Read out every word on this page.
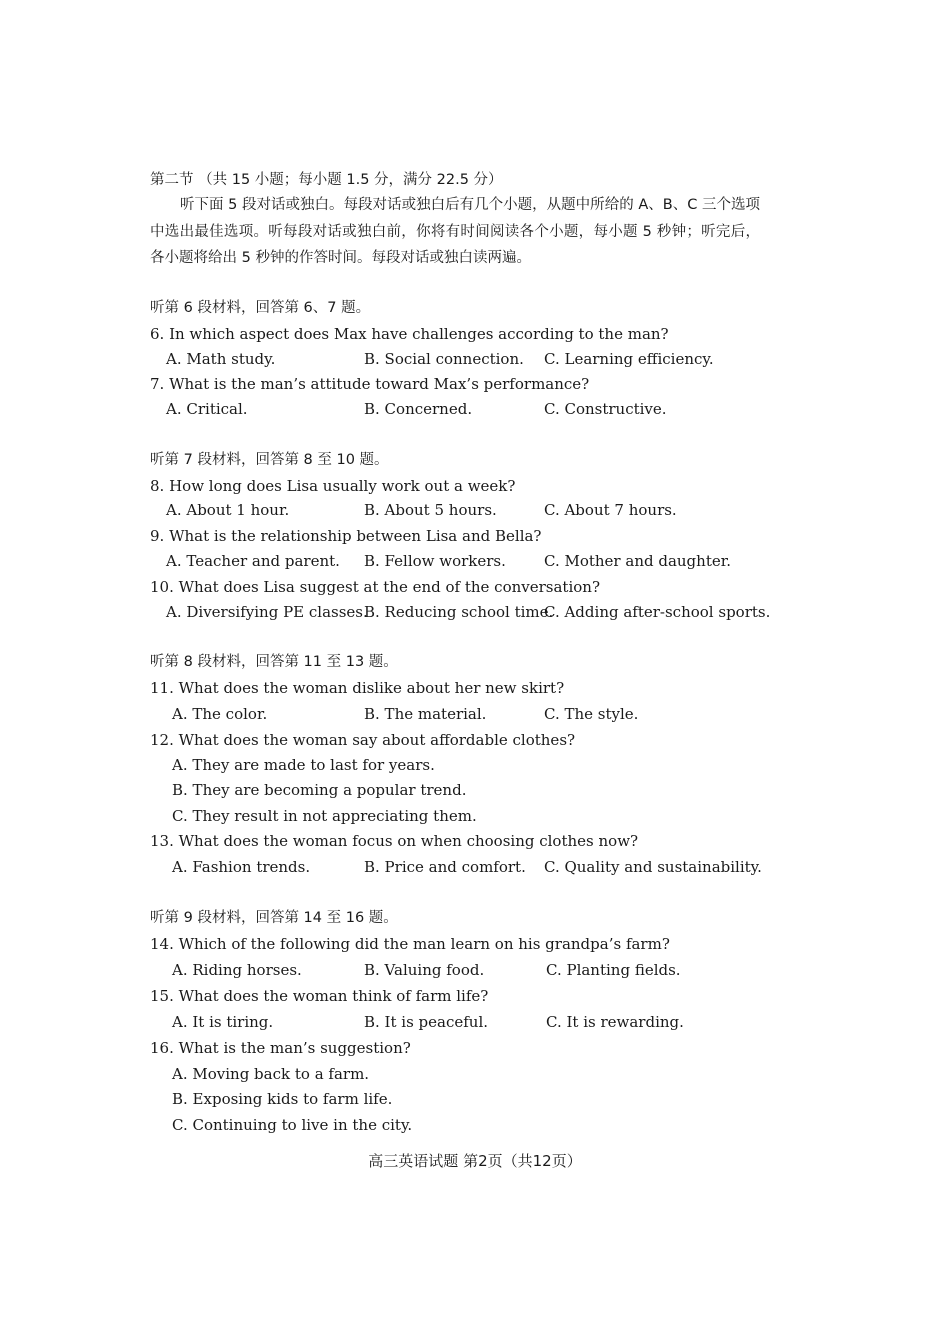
第二节 （共 15 小题；每小题 1.5 分，满分 22.5 分）
听下面 5 段对话或独白。每段对话或独白后有几个小题，从题中所给的 A、B、C 三个选项中选出最佳选项。听每段对话或独白前，你将有时间阅读各个小题，每小题 5 秒钟；听完后，各小题将给出 5 秒钟的作答时间。每段对话或独白读两遍。
听第 6 段材料，回答第 6、7 题。
6. In which aspect does Max have challenges according to the man?
A. Math study.	B. Social connection. C. Learning efficiency.
7. What is the man’s attitude toward Max’s performance?
A. Critical.	B. Concerned.	C. Constructive.
听第 7 段材料，回答第 8 至 10 题。
8. How long does Lisa usually work out a week?
A. About 1 hour.	B. About 5 hours.	C. About 7 hours.
9. What is the relationship between Lisa and Bella?
A. Teacher and parent. B. Fellow workers.	C. Mother and daughter.
10. What does Lisa suggest at the end of the conversation?
A. Diversifying PE classes.
B. Reducing school time.
C. Adding after-school sports.
听第 8 段材料，回答第 11 至 13 题。
11. What does the woman dislike about her new skirt?
A. The color.	B. The material.	C. The style.
12. What does the woman say about affordable clothes?
A. They are made to last for years.
B. They are becoming a popular trend.
C. They result in not appreciating them.
13. What does the woman focus on when choosing clothes now?
A. Fashion trends.	B. Price and comfort. C. Quality and sustainability.
听第 9 段材料，回答第 14 至 16 题。
14. Which of the following did the man learn on his grandpa’s farm?
A. Riding horses.	B. Valuing food.	C. Planting fields.
15. What does the woman think of farm life?
A. It is tiring.	B. It is peaceful.	C. It is rewarding.
16. What is the man’s suggestion?
A. Moving back to a farm.
B. Exposing kids to farm life.
C. Continuing to live in the city.
高三英语试题 第2页（共12页）
